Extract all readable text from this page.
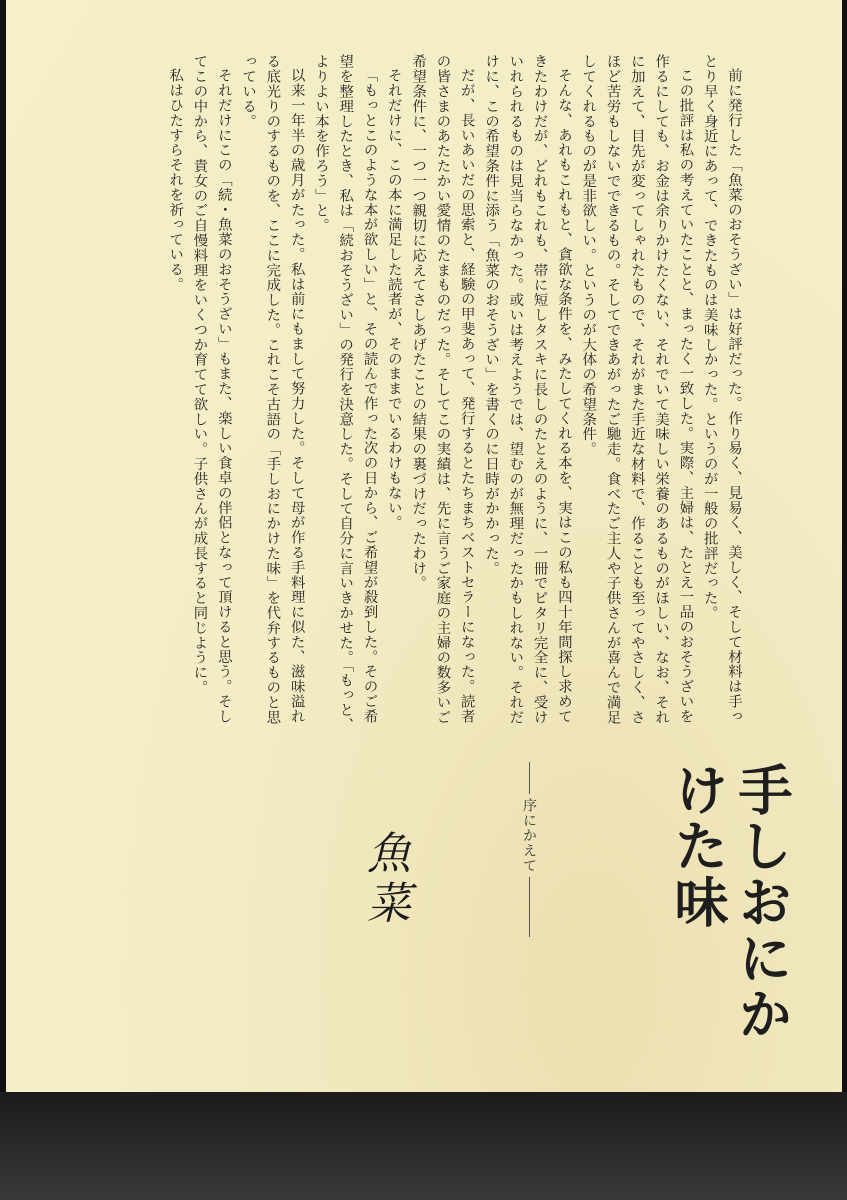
前に発行した「魚菜のおそうざい」は好評だった。作り易く、見易く、美しく、そして材料は手っとり早く身近にあって、できたものは美味しかった。というのが一般の批評だった。

この批評は私の考えていたことと、まったく一致した。実際、主婦は、たとえ一品のおそうざいを作るにしても、お金は余りかけたくない、それでいて美味しい栄養のあるものがほしい、なお、それに加えて、目先が変ってしゃれたもので、それがまた手近な材料で、作ることも至ってやさしく、さほど苦労もしないでできるもの。そしてできあがったご馳走。食べたご主人や子供さんが喜んで満足してくれるものが是非欲しい。というのが大体の希望条件。

そんな、あれもこれもと、貪欲な条件を、みたしてくれる本を、実はこの私も四十年間探し求めてきたわけだが、どれもこれも、帯に短しタスキに長しのたとえのように、一冊でピタリ完全に、受けいれられるものは見当らなかった。或いは考えようでは、望むのが無理だったかもしれない。それだけに、この希望条件に添う「魚菜のおそうざい」を書くのに日時がかかった。

だが、長いあいだの思索と、経験の甲斐あって、発行するとたちまちベストセラーになった。読者の皆さまのあたたかい愛情のたまものだった。そしてこの実績は、先に言うご家庭の主婦の数多いご希望条件に、一つ一つ親切に応えてさしあげたことの結果の裏づけだったわけ。

それだけに、この本に満足した読者が、そのままでいるわけもない。

「もっとこのような本が欲しい」と、その読んで作った次の日から、ご希望が殺到した。そのご希望を整理したとき、私は「続おそうざい」の発行を決意した。そして自分に言いきかせた。「もっと、よりよい本を作ろう」と。

以来一年半の歳月がたった。私は前にもまして努力した。そして母が作る手料理に似た、滋味溢れる底光りのするものを、ここに完成した。これこそ古語の「手しおにかけた味」を代弁するものと思っている。

それだけにこの「続・魚菜のおそうざい」もまた、楽しい食卓の伴侶となって頂けると思う。そしてこの中から、貴女のご自慢料理をいくつか育てて欲しい。子供さんが成長すると同じように。

私はひたすらそれを祈っている。

手しおにかけた味
序にかえて
魚菜
